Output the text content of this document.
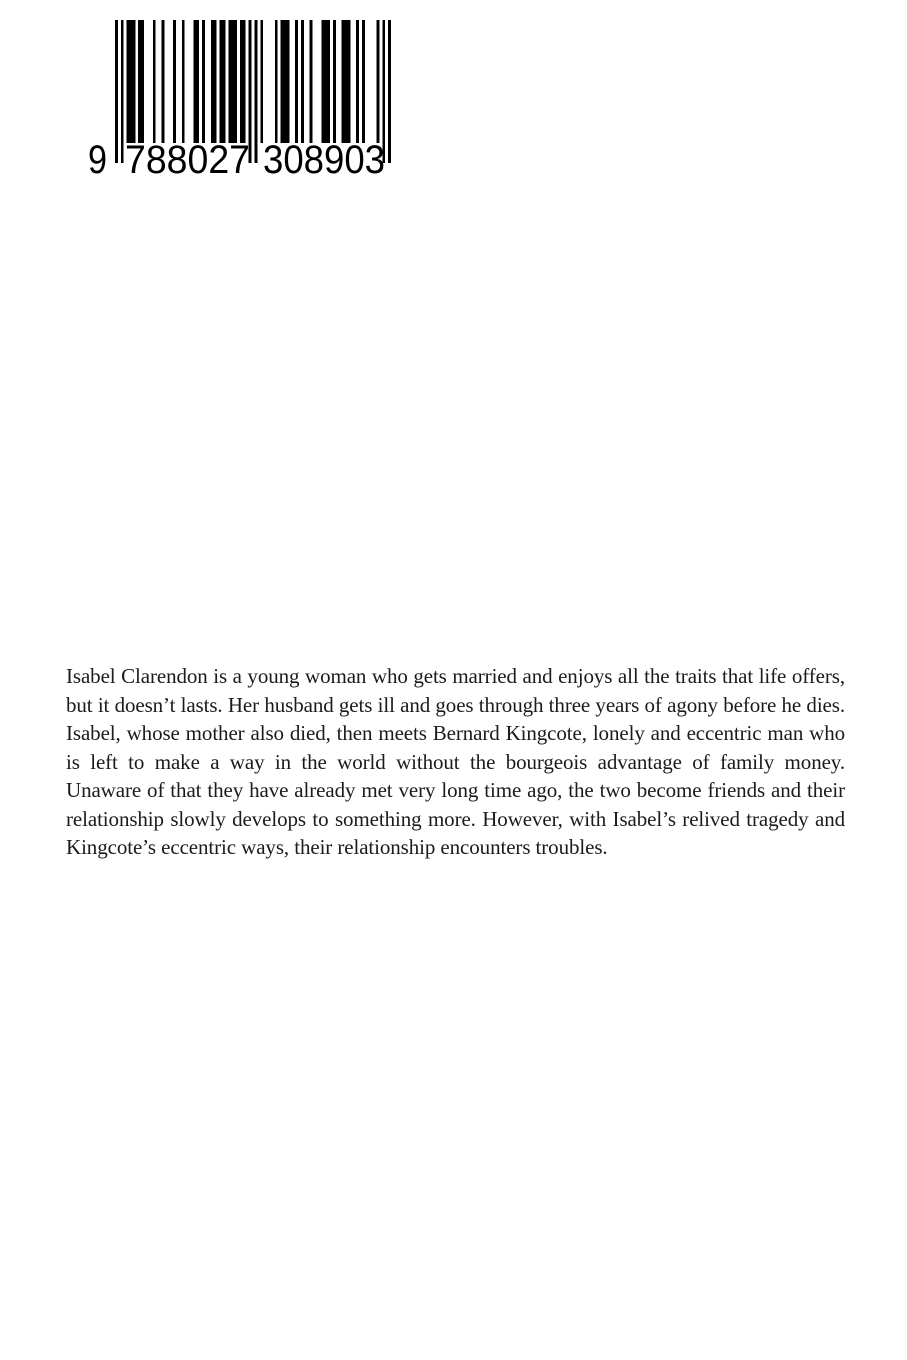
9 788027 308903

Isabel Clarendon is a young woman who gets married and enjoys all the traits that life offers, but it doesn’t lasts. Her husband gets ill and goes through three years of agony before he dies. Isabel, whose mother also died, then meets Bernard Kingcote, lonely and eccentric man who is left to make a way in the world without the bourgeois advantage of family money. Unaware of that they have already met very long time ago, the two become friends and their relationship slowly develops to something more. However, with Isabel’s relived tragedy and Kingcote’s eccentric ways, their relationship encounters troubles.
